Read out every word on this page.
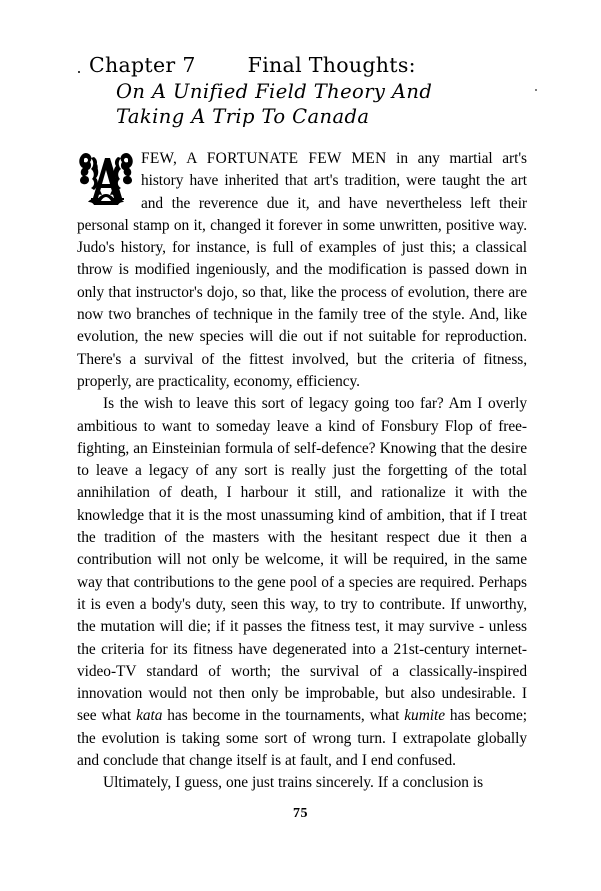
Chapter 7	Final Thoughts:
On A Unified Field Theory And
Taking A Trip To Canada

FEW, A FORTUNATE FEW MEN in any martial art's history have inherited that art's tradition, were taught the art and the reverence due it, and have nevertheless left their personal stamp on it, changed it forever in some unwritten, positive way. Judo's history, for instance, is full of examples of just this; a classical throw is modified ingeniously, and the modification is passed down in only that instructor's dojo, so that, like the process of evolution, there are now two branches of technique in the family tree of the style. And, like evolution, the new species will die out if not suitable for reproduction. There's a survival of the fittest involved, but the criteria of fitness, properly, are practicality, economy, efficiency.

Is the wish to leave this sort of legacy going too far? Am I overly ambitious to want to someday leave a kind of Fonsbury Flop of free-fighting, an Einsteinian formula of self-defence? Knowing that the desire to leave a legacy of any sort is really just the forgetting of the total annihilation of death, I harbour it still, and rationalize it with the knowledge that it is the most unassuming kind of ambition, that if I treat the tradition of the masters with the hesitant respect due it then a contribution will not only be welcome, it will be required, in the same way that contributions to the gene pool of a species are required. Perhaps it is even a body's duty, seen this way, to try to contribute. If unworthy, the mutation will die; if it passes the fitness test, it may survive - unless the criteria for its fitness have degenerated into a 21st-century internet-video-TV standard of worth; the survival of a classically-inspired innovation would not then only be improbable, but also undesirable. I see what kata has become in the tournaments, what kumite has become; the evolution is taking some sort of wrong turn. I extrapolate globally and conclude that change itself is at fault, and I end confused.

Ultimately, I guess, one just trains sincerely. If a conclusion is

75
